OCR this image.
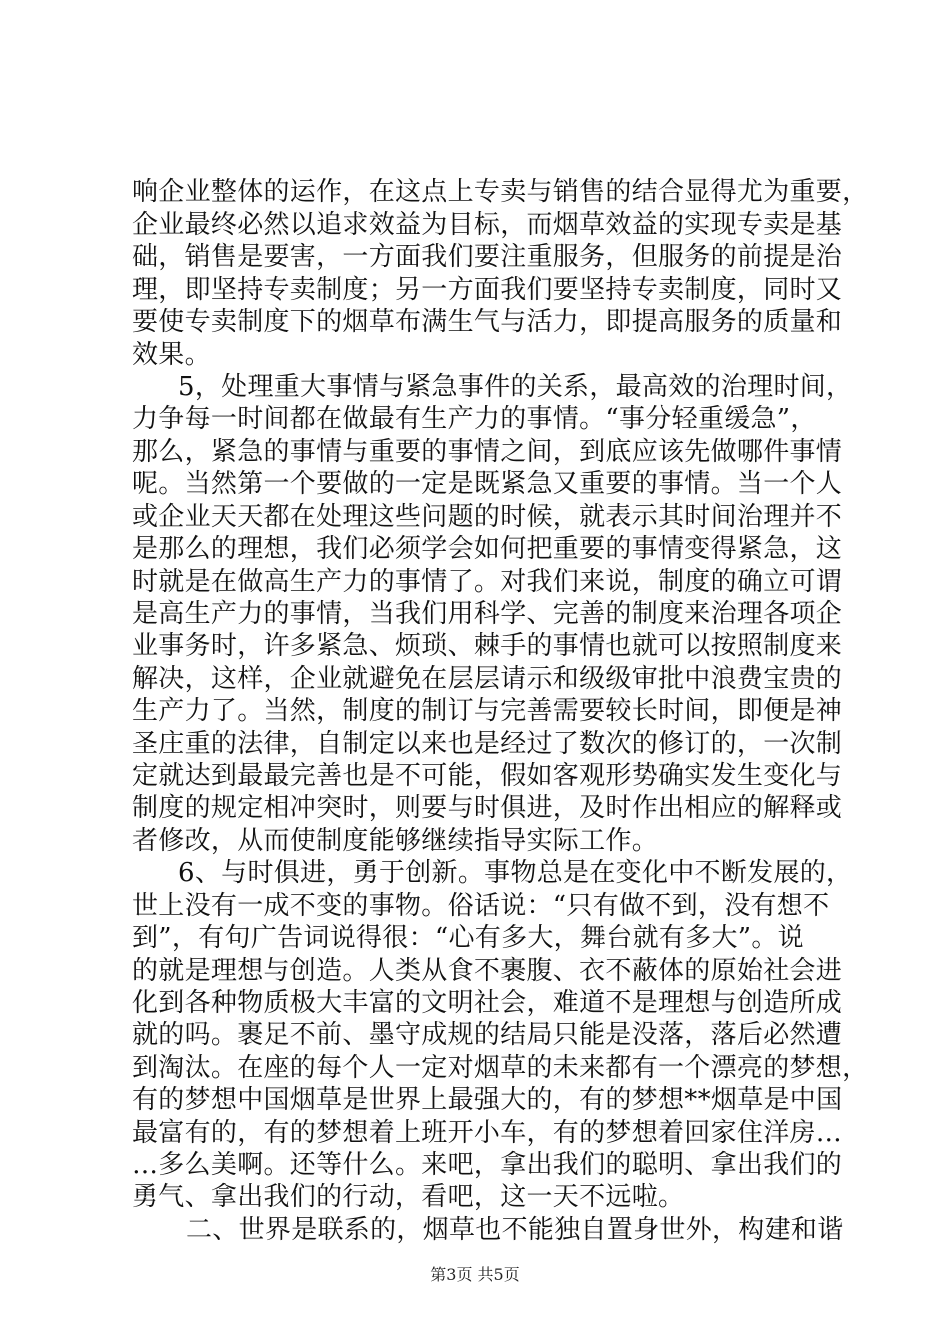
响企业整体的运作，在这点上专卖与销售的结合显得尤为重要，
企业最终必然以追求效益为目标，而烟草效益的实现专卖是基
础，销售是要害，一方面我们要注重服务，但服务的前提是治
理，即坚持专卖制度；另一方面我们要坚持专卖制度，同时又
要使专卖制度下的烟草布满生气与活力，即提高服务的质量和
效果。
5，处理重大事情与紧急事件的关系，最高效的治理时间，
力争每一时间都在做最有生产力的事情。“事分轻重缓急”，
那么，紧急的事情与重要的事情之间，到底应该先做哪件事情
呢。当然第一个要做的一定是既紧急又重要的事情。当一个人
或企业天天都在处理这些问题的时候，就表示其时间治理并不
是那么的理想，我们必须学会如何把重要的事情变得紧急，这
时就是在做高生产力的事情了。对我们来说，制度的确立可谓
是高生产力的事情，当我们用科学、完善的制度来治理各项企
业事务时，许多紧急、烦琐、棘手的事情也就可以按照制度来
解决，这样，企业就避免在层层请示和级级审批中浪费宝贵的
生产力了。当然，制度的制订与完善需要较长时间，即便是神
圣庄重的法律，自制定以来也是经过了数次的修订的，一次制
定就达到最最完善也是不可能，假如客观形势确实发生变化与
制度的规定相冲突时，则要与时俱进，及时作出相应的解释或
者修改，从而使制度能够继续指导实际工作。
6、与时俱进，勇于创新。事物总是在变化中不断发展的，
世上没有一成不变的事物。俗话说：“只有做不到，没有想不
到”，有句广告词说得很：“心有多大，舞台就有多大”。说
的就是理想与创造。人类从食不裹腹、衣不蔽体的原始社会进
化到各种物质极大丰富的文明社会，难道不是理想与创造所成
就的吗。裹足不前、墨守成规的结局只能是没落，落后必然遭
到淘汰。在座的每个人一定对烟草的未来都有一个漂亮的梦想，
有的梦想中国烟草是世界上最强大的，有的梦想**烟草是中国
最富有的，有的梦想着上班开小车，有的梦想着回家住洋房…
…多么美啊。还等什么。来吧，拿出我们的聪明、拿出我们的
勇气、拿出我们的行动，看吧，这一天不远啦。
二、世界是联系的，烟草也不能独自置身世外，构建和谐
第3页 共5页
